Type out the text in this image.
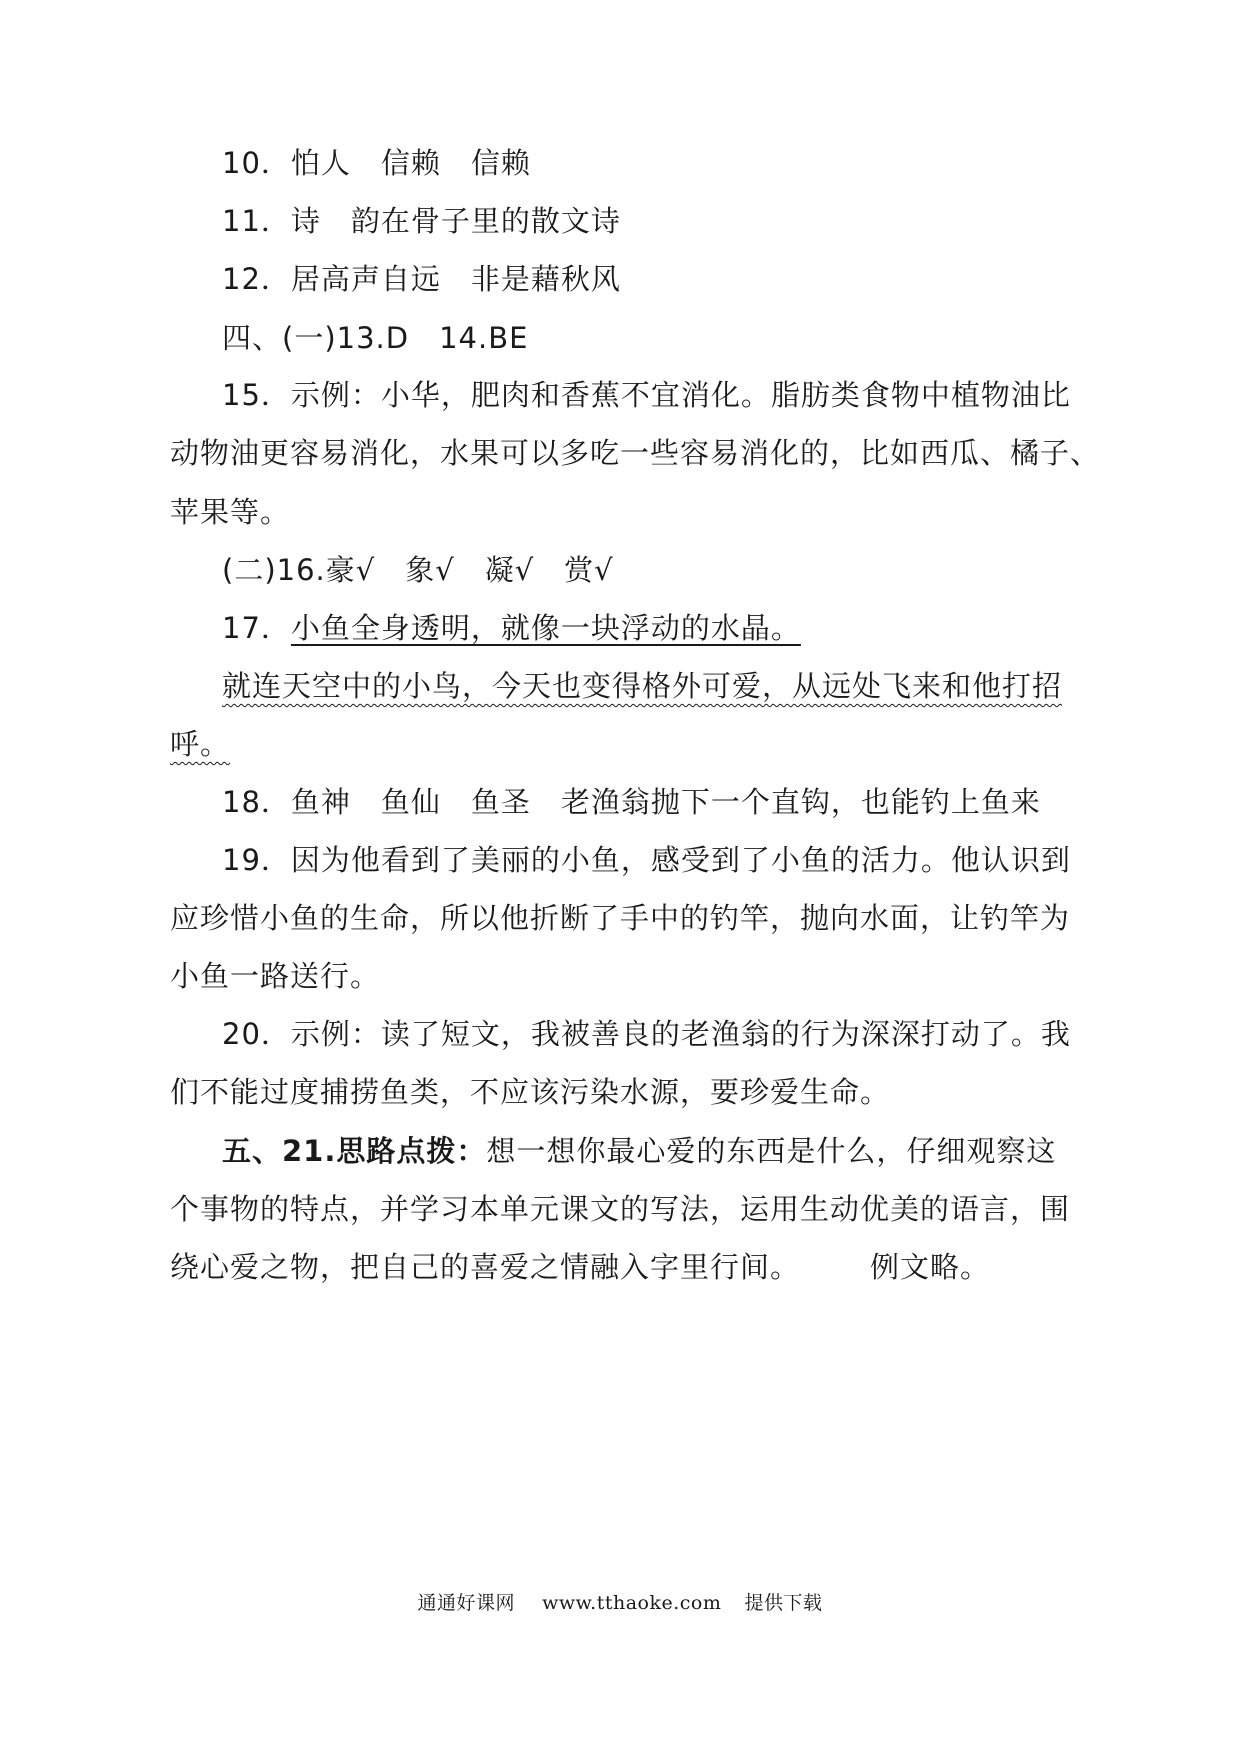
10．怕人　信赖　信赖
11．诗　韵在骨子里的散文诗
12．居高声自远　非是藉秋风
四、(一)13.D　14.BE
15．示例：小华，肥肉和香蕉不宜消化。脂肪类食物中植物油比
动物油更容易消化，水果可以多吃一些容易消化的，比如西瓜、橘子、
苹果等。
(二)16.豪√　象√　凝√　赏√
17．小鱼全身透明，就像一块浮动的水晶。
就连天空中的小鸟，今天也变得格外可爱，从远处飞来和他打招
呼。
18．鱼神　鱼仙　鱼圣　老渔翁抛下一个直钩，也能钓上鱼来
19．因为他看到了美丽的小鱼，感受到了小鱼的活力。他认识到
应珍惜小鱼的生命，所以他折断了手中的钓竿，抛向水面，让钓竿为
小鱼一路送行。
20．示例：读了短文，我被善良的老渔翁的行为深深打动了。我
们不能过度捕捞鱼类，不应该污染水源，要珍爱生命。
五、21.思路点拨：想一想你最心爱的东西是什么，仔细观察这
个事物的特点，并学习本单元课文的写法，运用生动优美的语言，围
绕心爱之物，把自己的喜爱之情融入字里行间。 例文略。
通通好课网 www.tthaoke.com 提供下载
